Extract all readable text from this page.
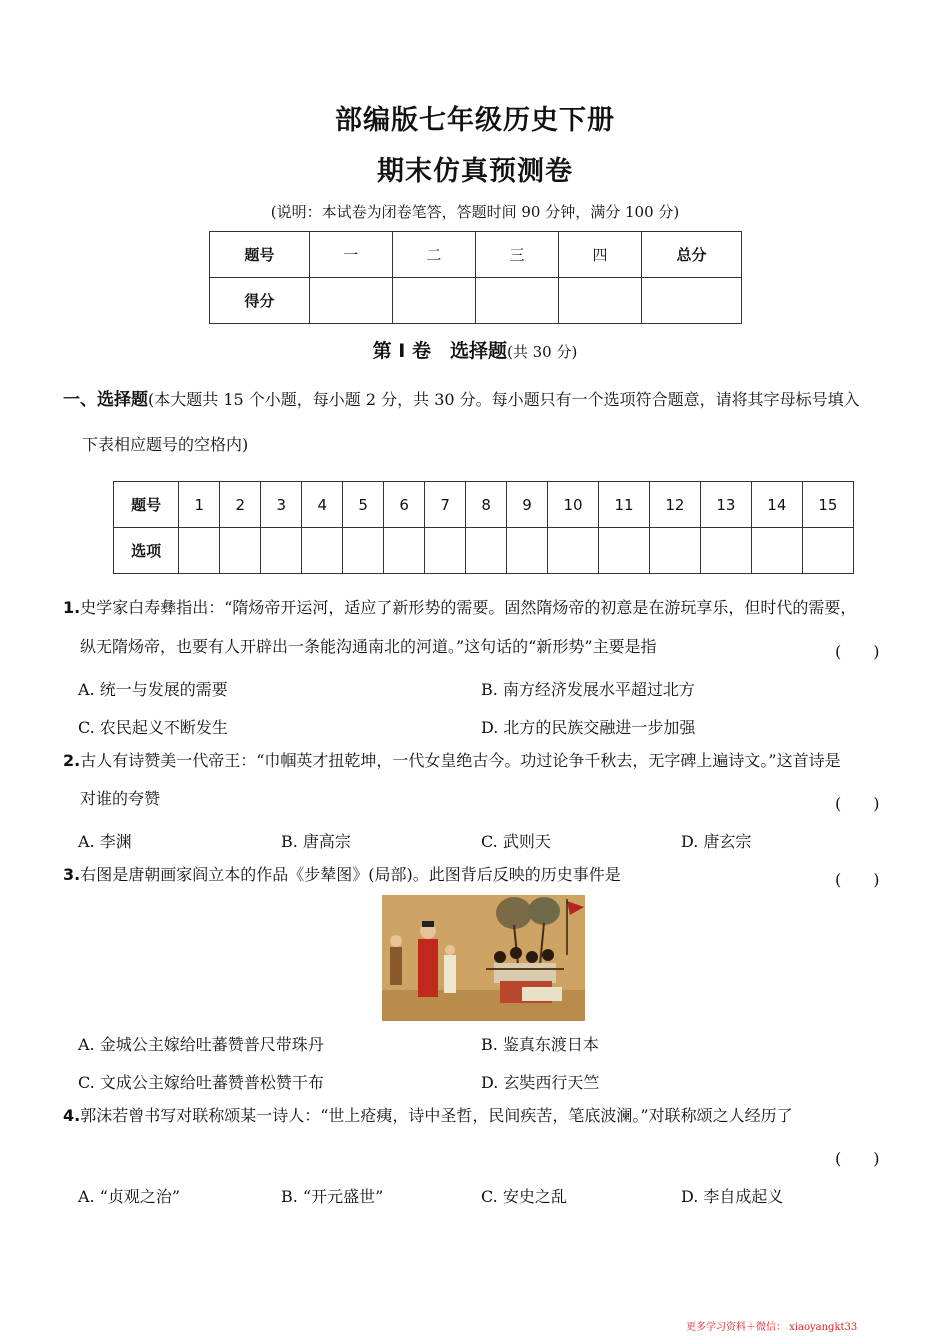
部编版七年级历史下册
期末仿真预测卷
(说明：本试卷为闭卷笔答，答题时间 90 分钟，满分 100 分)
题号	一	二	三	四	总分
得分					
第 Ⅰ 卷　选择题(共 30 分)
一、选择题(本大题共 15 个小题，每小题 2 分，共 30 分。每小题只有一个选项符合题意，请将其字母标号填入
下表相应题号的空格内)
题号	1	2	3	4	5	6	7	8	9	10	11	12	13	14	15
选项															
1.史学家白寿彝指出：“隋炀帝开运河，适应了新形势的需要。固然隋炀帝的初意是在游玩享乐，但时代的需要，
纵无隋炀帝，也要有人开辟出一条能沟通南北的河道。”这句话的“新形势”主要是指	(　　)
A. 统一与发展的需要	B. 南方经济发展水平超过北方
C. 农民起义不断发生	D. 北方的民族交融进一步加强
2.古人有诗赞美一代帝王：“巾帼英才扭乾坤，一代女皇绝古今。功过论争千秋去，无字碑上遍诗文。”这首诗是
对谁的夸赞	(　　)
A. 李渊	B. 唐高宗	C. 武则天	D. 唐玄宗
3.右图是唐朝画家阎立本的作品《步辇图》(局部)。此图背后反映的历史事件是	(　　)
A. 金城公主嫁给吐蕃赞普尺带珠丹	B. 鉴真东渡日本
C. 文成公主嫁给吐蕃赞普松赞干布	D. 玄奘西行天竺
4.郭沫若曾书写对联称颂某一诗人：“世上疮痍，诗中圣哲，民间疾苦，笔底波澜。”对联称颂之人经历了
(　　)
A. “贞观之治”	B. “开元盛世”	C. 安史之乱	D. 李自成起义
更多学习资料＋微信： xiaoyangkt33
